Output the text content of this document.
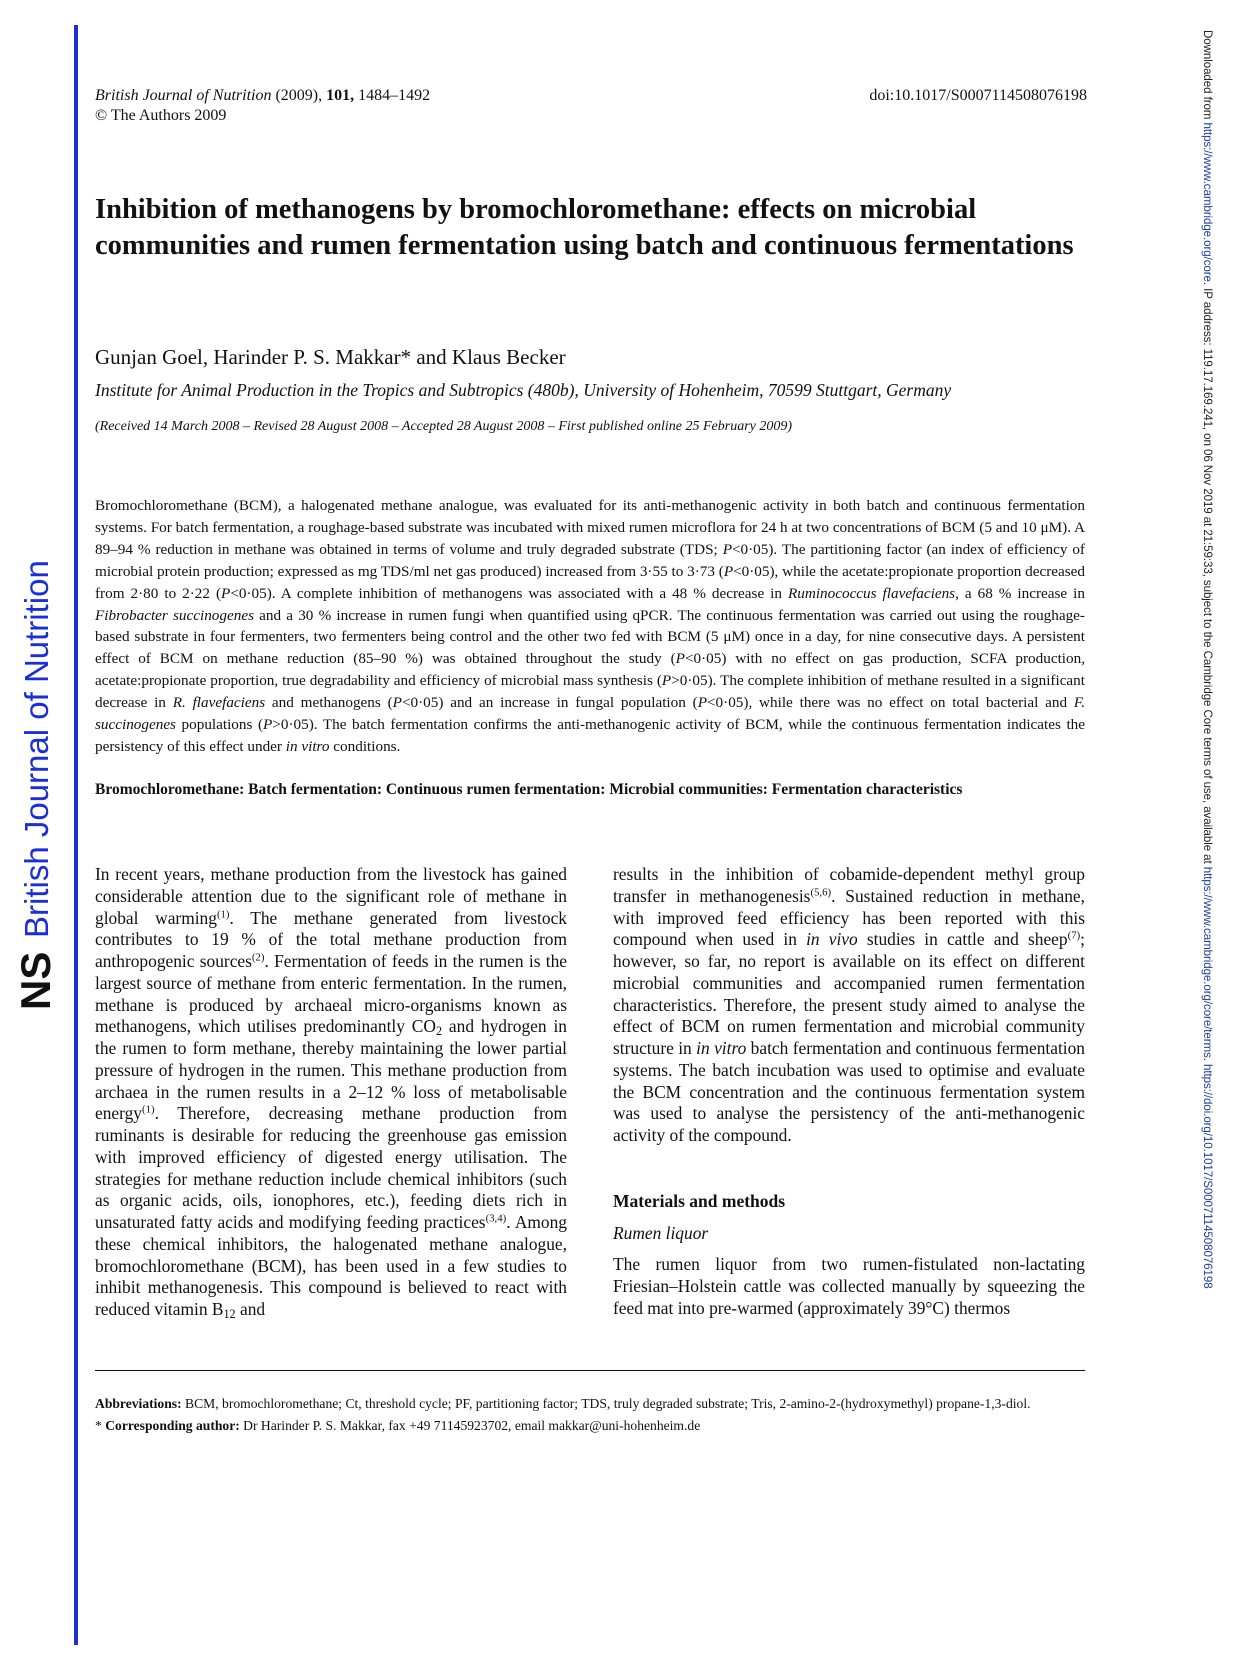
NS
British Journal of Nutrition
Downloaded from https://www.cambridge.org/core. IP address: 119.17.169.241, on 06 Nov 2019 at 21:59:33, subject to the Cambridge Core terms of use, available at https://www.cambridge.org/core/terms. https://doi.org/10.1017/S0007114508076198
British Journal of Nutrition (2009), 101, 1484–1492
© The Authors 2009
doi:10.1017/S0007114508076198
Inhibition of methanogens by bromochloromethane: effects on microbial communities and rumen fermentation using batch and continuous fermentations
Gunjan Goel, Harinder P. S. Makkar* and Klaus Becker
Institute for Animal Production in the Tropics and Subtropics (480b), University of Hohenheim, 70599 Stuttgart, Germany
(Received 14 March 2008 – Revised 28 August 2008 – Accepted 28 August 2008 – First published online 25 February 2009)

Bromochloromethane (BCM), a halogenated methane analogue, was evaluated for its anti-methanogenic activity in both batch and continuous fermentation systems. For batch fermentation, a roughage-based substrate was incubated with mixed rumen microflora for 24 h at two concentrations of BCM (5 and 10 μM). A 89–94 % reduction in methane was obtained in terms of volume and truly degraded substrate (TDS; P<0·05). The partitioning factor (an index of efficiency of microbial protein production; expressed as mg TDS/ml net gas produced) increased from 3·55 to 3·73 (P<0·05), while the acetate:propionate proportion decreased from 2·80 to 2·22 (P<0·05). A complete inhibition of methanogens was associated with a 48 % decrease in Ruminococcus flavefaciens, a 68 % increase in Fibrobacter succinogenes and a 30 % increase in rumen fungi when quantified using qPCR. The continuous fermentation was carried out using the roughage-based substrate in four fermenters, two fermenters being control and the other two fed with BCM (5 μM) once in a day, for nine consecutive days. A persistent effect of BCM on methane reduction (85–90 %) was obtained throughout the study (P<0·05) with no effect on gas production, SCFA production, acetate:propionate proportion, true degradability and efficiency of microbial mass synthesis (P>0·05). The complete inhibition of methane resulted in a significant decrease in R. flavefaciens and methanogens (P<0·05) and an increase in fungal population (P<0·05), while there was no effect on total bacterial and F. succinogenes populations (P>0·05). The batch fermentation confirms the anti-methanogenic activity of BCM, while the continuous fermentation indicates the persistency of this effect under in vitro conditions.

Bromochloromethane: Batch fermentation: Continuous rumen fermentation: Microbial communities: Fermentation characteristics

In recent years, methane production from the livestock has gained considerable attention due to the significant role of methane in global warming$^{(1)}$. The methane generated from livestock contributes to 19 % of the total methane production from anthropogenic sources$^{(2)}$. Fermentation of feeds in the rumen is the largest source of methane from enteric fermentation. In the rumen, methane is produced by archaeal micro-organisms known as methanogens, which utilises predominantly $CO_2$ and hydrogen in the rumen to form methane, thereby maintaining the lower partial pressure of hydrogen in the rumen. This methane production from archaea in the rumen results in a 2–12 % loss of metabolisable energy$^{(1)}$. Therefore, decreasing methane production from ruminants is desirable for reducing the greenhouse gas emission with improved efficiency of digested energy utilisation. The strategies for methane reduction include chemical inhibitors (such as organic acids, oils, ionophores, etc.), feeding diets rich in unsaturated fatty acids and modifying feeding practices$^{(3,4)}$. Among these chemical inhibitors, the halogenated methane analogue, bromochloromethane (BCM), has been used in a few studies to inhibit methanogenesis. This compound is believed to react with reduced vitamin $B_{12}$ and

results in the inhibition of cobamide-dependent methyl group transfer in methanogenesis$^{(5,6)}$. Sustained reduction in methane, with improved feed efficiency has been reported with this compound when used in in vivo studies in cattle and sheep$^{(7)}$; however, so far, no report is available on its effect on different microbial communities and accompanied rumen fermentation characteristics. Therefore, the present study aimed to analyse the effect of BCM on rumen fermentation and microbial community structure in in vitro batch fermentation and continuous fermentation systems. The batch incubation was used to optimise and evaluate the BCM concentration and the continuous fermentation system was used to analyse the persistency of the anti-methanogenic activity of the compound.

Materials and methods

Rumen liquor

The rumen liquor from two rumen-fistulated non-lactating Friesian–Holstein cattle was collected manually by squeezing the feed mat into pre-warmed (approximately 39°C) thermos

Abbreviations: BCM, bromochloromethane; Ct, threshold cycle; PF, partitioning factor; TDS, truly degraded substrate; Tris, 2-amino-2-(hydroxymethyl) propane-1,3-diol.

* Corresponding author: Dr Harinder P. S. Makkar, fax +49 71145923702, email makkar@uni-hohenheim.de
